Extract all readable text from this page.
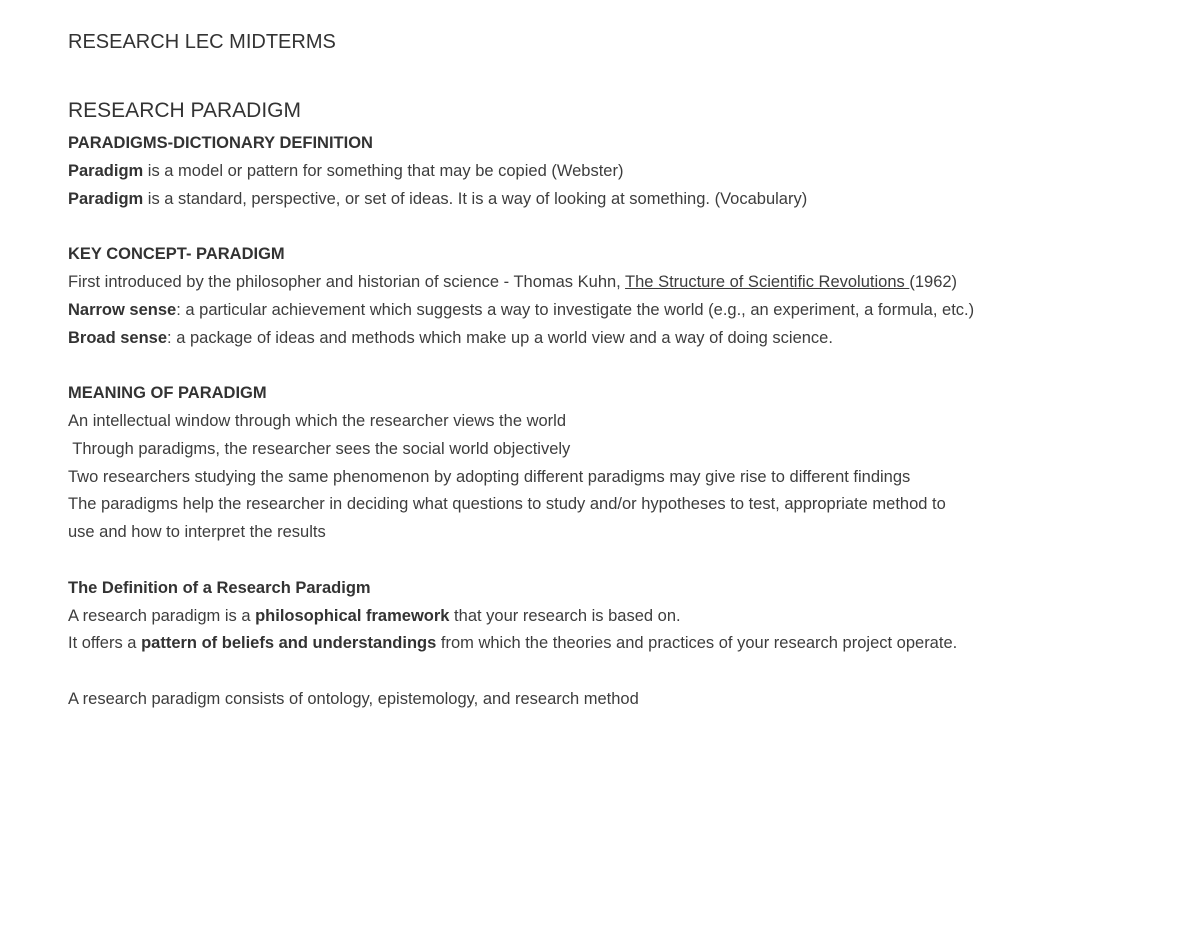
RESEARCH LEC MIDTERMS
RESEARCH PARADIGM
PARADIGMS-DICTIONARY DEFINITION
Paradigm is a model or pattern for something that may be copied (Webster)
Paradigm is a standard, perspective, or set of ideas. It is a way of looking at something. (Vocabulary)
KEY CONCEPT- PARADIGM
First introduced by the philosopher and historian of science - Thomas Kuhn, The Structure of Scientific Revolutions (1962)
Narrow sense: a particular achievement which suggests a way to investigate the world (e.g., an experiment, a formula, etc.)
Broad sense: a package of ideas and methods which make up a world view and a way of doing science.
MEANING OF PARADIGM
An intellectual window through which the researcher views the world
Through paradigms, the researcher sees the social world objectively
Two researchers studying the same phenomenon by adopting different paradigms may give rise to different findings
The paradigms help the researcher in deciding what questions to study and/or hypotheses to test, appropriate method to
use and how to interpret the results
The Definition of a Research Paradigm
A research paradigm is a philosophical framework that your research is based on.
It offers a pattern of beliefs and understandings from which the theories and practices of your research project operate.
A research paradigm consists of ontology, epistemology, and research method
